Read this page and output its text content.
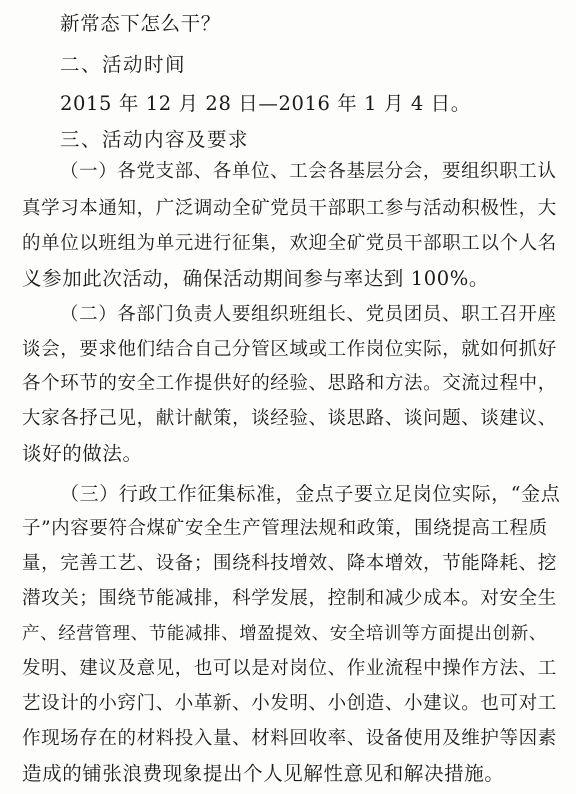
新常态下怎么干？
二、活动时间
2015 年 12 月 28 日—2016 年 1 月 4 日。
三、活动内容及要求
（一）各党支部、各单位、工会各基层分会，要组织职工认
真学习本通知，广泛调动全矿党员干部职工参与活动积极性，大
的单位以班组为单元进行征集，欢迎全矿党员干部职工以个人名
义参加此次活动，确保活动期间参与率达到 100%。
（二）各部门负责人要组织班组长、党员团员、职工召开座
谈会，要求他们结合自己分管区域或工作岗位实际，就如何抓好
各个环节的安全工作提供好的经验、思路和方法。交流过程中，
大家各抒己见，献计献策，谈经验、谈思路、谈问题、谈建议、
谈好的做法。
（三）行政工作征集标准，金点子要立足岗位实际，“金点
子”内容要符合煤矿安全生产管理法规和政策，围绕提高工程质
量，完善工艺、设备；围绕科技增效、降本增效，节能降耗、挖
潜攻关；围绕节能减排，科学发展，控制和减少成本。对安全生
产、经营管理、节能减排、增盈提效、安全培训等方面提出创新、
发明、建议及意见，也可以是对岗位、作业流程中操作方法、工
艺设计的小窍门、小革新、小发明、小创造、小建议。也可对工
作现场存在的材料投入量、材料回收率、设备使用及维护等因素
造成的铺张浪费现象提出个人见解性意见和解决措施。
